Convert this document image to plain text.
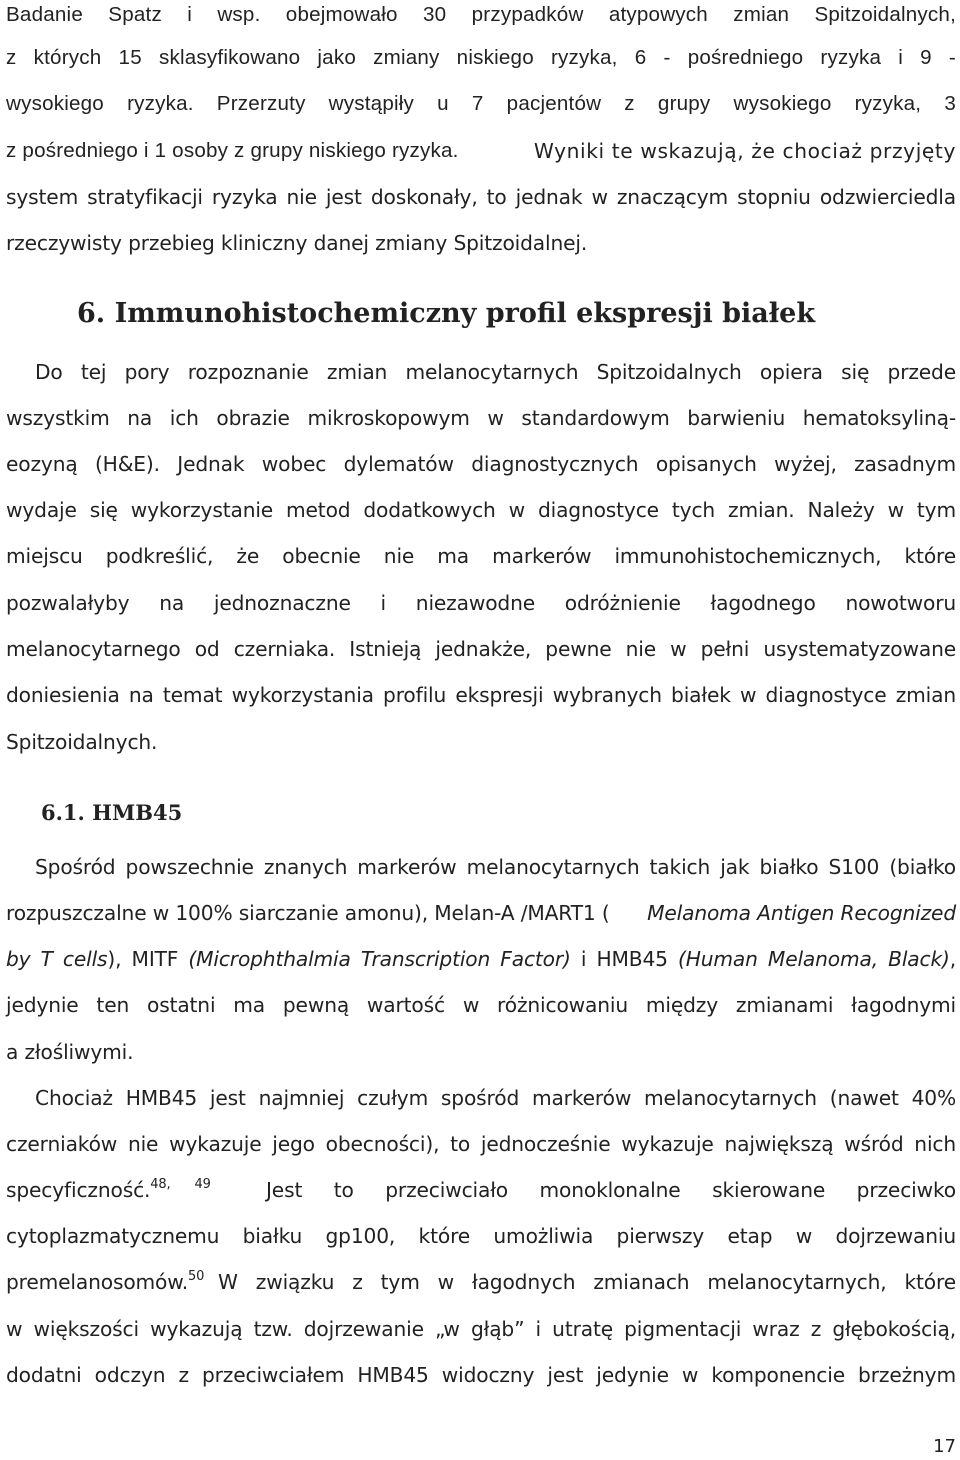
Badanie Spatz i wsp. obejmowało 30 przypadków atypowych zmian Spitzoidalnych,
z których 15 sklasyfikowano jako zmiany niskiego ryzyka, 6 - pośredniego ryzyka i 9 -
wysokiego ryzyka. Przerzuty wystąpiły u 7 pacjentów z grupy wysokiego ryzyka, 3
z pośredniego i 1 osoby z grupy niskiego ryzyka.	Wyniki te wskazują, że chociaż przyjęty
system stratyfikacji ryzyka nie jest doskonały, to jednak w znaczącym stopniu odzwierciedla
rzeczywisty przebieg kliniczny danej zmiany Spitzoidalnej.
6. Immunohistochemiczny profil ekspresji białek
Do tej pory rozpoznanie zmian melanocytarnych Spitzoidalnych opiera się przede
wszystkim na ich obrazie mikroskopowym w standardowym barwieniu hematoksyliną-
eozyną (H&E). Jednak wobec dylematów diagnostycznych opisanych wyżej, zasadnym
wydaje się wykorzystanie metod dodatkowych w diagnostyce tych zmian. Należy w tym
miejscu podkreślić, że obecnie nie ma markerów immunohistochemicznych, które
pozwalałyby na jednoznaczne i niezawodne odróżnienie łagodnego nowotworu
melanocytarnego od czerniaka. Istnieją jednakże, pewne nie w pełni usystematyzowane
doniesienia na temat wykorzystania profilu ekspresji wybranych białek w diagnostyce zmian
Spitzoidalnych.
6.1. HMB45
Spośród powszechnie znanych markerów melanocytarnych takich jak białko S100 (białko
rozpuszczalne w 100% siarczanie amonu), Melan-A /MART1 ( Melanoma Antigen Recognized
by T cells), MITF (Microphthalmia Transcription Factor) i HMB45 (Human Melanoma, Black),
jedynie ten ostatni ma pewną wartość w różnicowaniu między zmianami łagodnymi
a złośliwymi.
Chociaż HMB45 jest najmniej czułym spośród markerów melanocytarnych (nawet 40%
czerniaków nie wykazuje jego obecności), to jednocześnie wykazuje największą wśród nich
specyficzność.$^{48,}$ $^{49}$	Jest to przeciwciało monoklonalne skierowane przeciwko
cytoplazmatycznemu białku gp100, które umożliwia pierwszy etap w dojrzewaniu
premelanosomów.$^{50}$ W związku z tym w łagodnych zmianach melanocytarnych, które
w większości wykazują tzw. dojrzewanie „w głąb” i utratę pigmentacji wraz z głębokością,
dodatni odczyn z przeciwciałem HMB45 widoczny jest jedynie w komponencie brzeżnym
17
